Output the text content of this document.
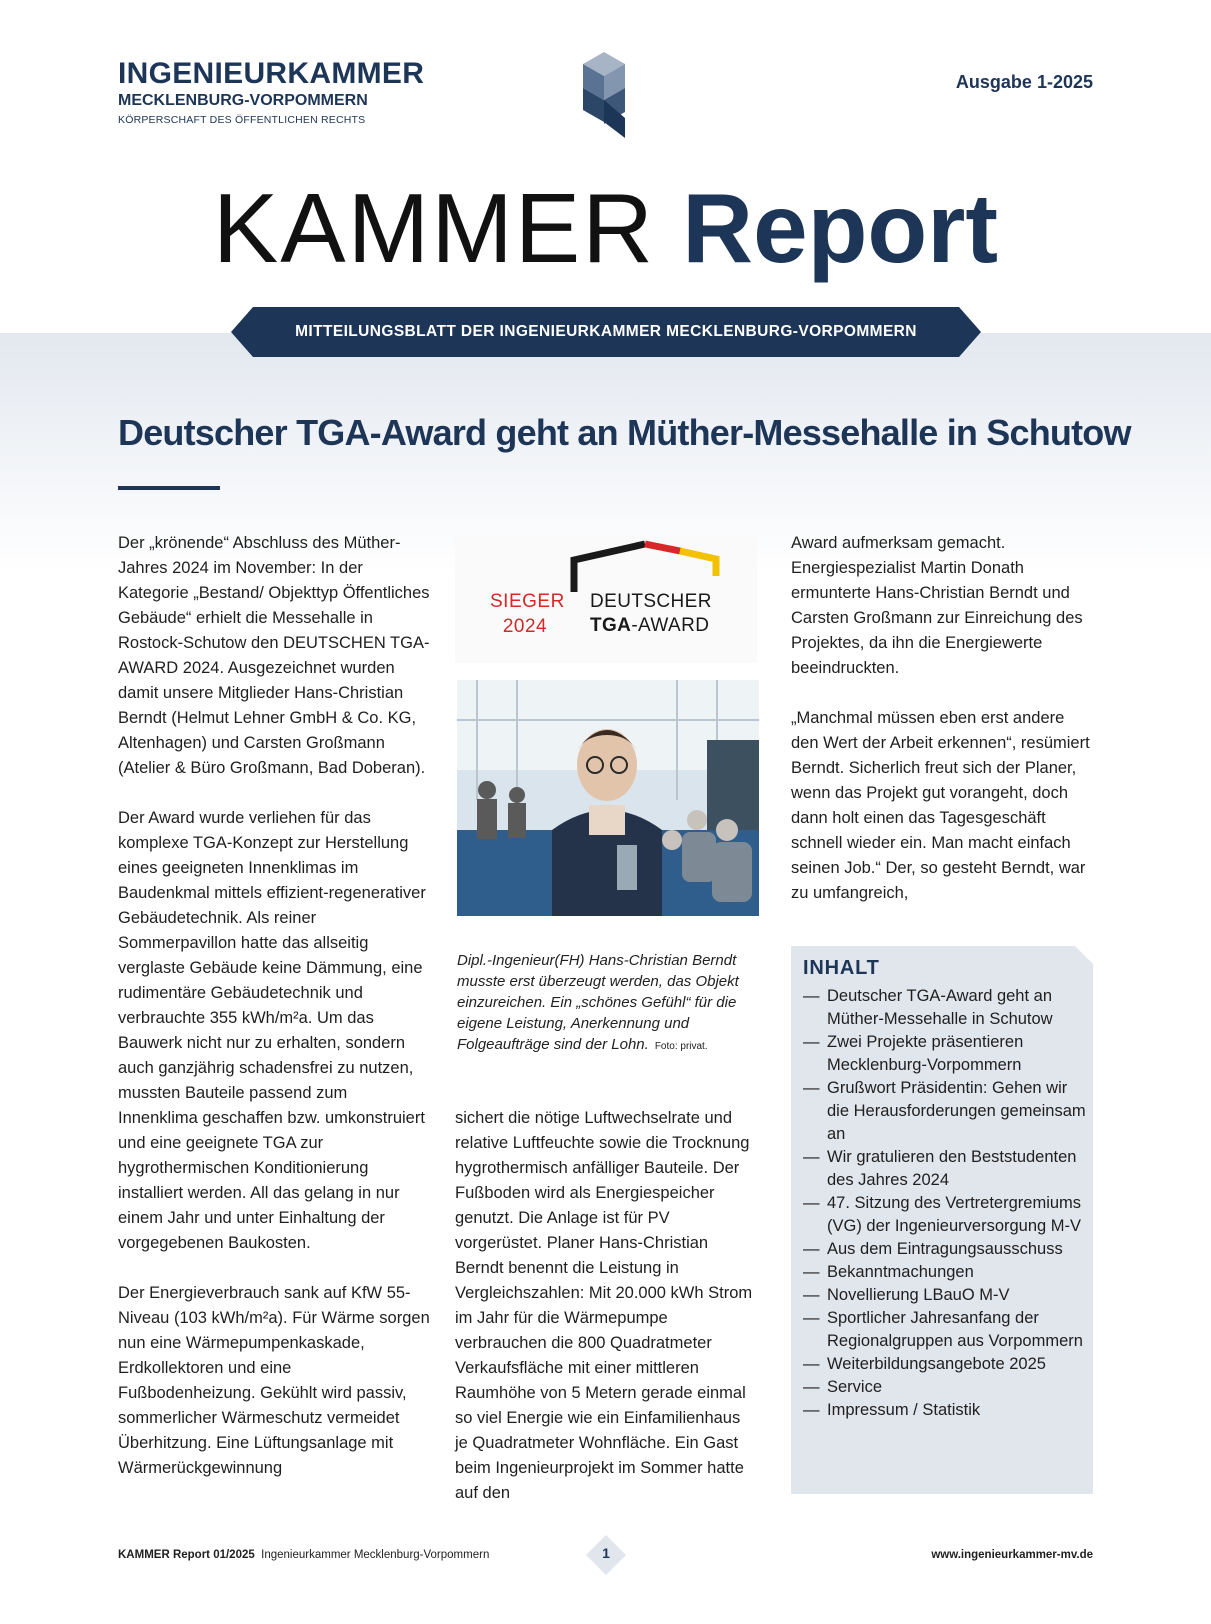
INGENIEURKAMMER
MECKLENBURG-VORPOMMERN
KÖRPERSCHAFT DES ÖFFENTLICHEN RECHTS
Ausgabe 1-2025
KAMMER Report
MITTEILUNGSBLATT DER INGENIEURKAMMER MECKLENBURG-VORPOMMERN
Deutscher TGA-Award geht an Müther-Messehalle in Schutow

Der „krönende“ Abschluss des Müther-Jahres 2024 im November: In der Kategorie „Bestand/ Objekttyp Öffentliches Gebäude“ erhielt die Messehalle in Rostock-Schutow den DEUTSCHEN TGA-AWARD 2024. Ausgezeichnet wurden damit unsere Mitglieder Hans-Christian Berndt (Helmut Lehner GmbH & Co. KG, Altenhagen) und Carsten Großmann (Atelier & Büro Großmann, Bad Doberan).

Der Award wurde verliehen für das komplexe TGA-Konzept zur Herstellung eines geeigneten Innenklimas im Baudenkmal mittels effizient-regenerativer Gebäudetechnik. Als reiner Sommerpavillon hatte das allseitig verglaste Gebäude keine Dämmung, eine rudimentäre Gebäudetechnik und verbrauchte 355 kWh/m²a. Um das Bauwerk nicht nur zu erhalten, sondern auch ganzjährig schadensfrei zu nutzen, mussten Bauteile passend zum Innenklima geschaffen bzw. umkonstruiert und eine geeignete TGA zur hygrothermischen Konditionierung installiert werden. All das gelang in nur einem Jahr und unter Einhaltung der vorgegebenen Baukosten.

Der Energieverbrauch sank auf KfW 55-Niveau (103 kWh/m²a). Für Wärme sorgen nun eine Wärmepumpenkaskade, Erdkollektoren und eine Fußbodenheizung. Gekühlt wird passiv, sommerlicher Wärmeschutz vermeidet Überhitzung. Eine Lüftungsanlage mit Wärmerückgewinnung

SIEGER
2024
DEUTSCHER
TGA-AWARD
Dipl.-Ingenieur(FH) Hans-Christian Berndt musste erst überzeugt werden, das Objekt einzureichen. Ein „schönes Gefühl“ für die eigene Leistung, Anerkennung und Folgeaufträge sind der Lohn. Foto: privat.

sichert die nötige Luftwechselrate und relative Luftfeuchte sowie die Trocknung hygrothermisch anfälliger Bauteile. Der Fußboden wird als Energiespeicher genutzt. Die Anlage ist für PV vorgerüstet. Planer Hans-Christian Berndt benennt die Leistung in Vergleichszahlen: Mit 20.000 kWh Strom im Jahr für die Wärmepumpe verbrauchen die 800 Quadratmeter Verkaufsfläche mit einer mittleren Raumhöhe von 5 Metern gerade einmal so viel Energie wie ein Einfamilienhaus je Quadratmeter Wohnfläche. Ein Gast beim Ingenieurprojekt im Sommer hatte auf den

Award aufmerksam gemacht. Energiespezialist Martin Donath ermunterte Hans-Christian Berndt und Carsten Großmann zur Einreichung des Projektes, da ihn die Energiewerte beeindruckten.

„Manchmal müssen eben erst andere den Wert der Arbeit erkennen“, resümiert Berndt. Sicherlich freut sich der Planer, wenn das Projekt gut vorangeht, doch dann holt einen das Tagesgeschäft schnell wieder ein. Man macht einfach seinen Job.“ Der, so gesteht Berndt, war zu umfangreich,

INHALT
— Deutscher TGA-Award geht an Müther-Messehalle in Schutow
— Zwei Projekte präsentieren Mecklenburg-Vorpommern
— Grußwort Präsidentin: Gehen wir die Herausforderungen gemeinsam an
— Wir gratulieren den Beststudenten des Jahres 2024
— 47. Sitzung des Vertretergremiums (VG) der Ingenieurversorgung M-V
— Aus dem Eintragungsausschuss
— Bekanntmachungen
— Novellierung LBauO M-V
— Sportlicher Jahresanfang der Regionalgruppen aus Vorpommern
— Weiterbildungsangebote 2025
— Service
— Impressum / Statistik
KAMMER Report 01/2025 Ingenieurkammer Mecklenburg-Vorpommern	1	www.ingenieurkammer-mv.de
